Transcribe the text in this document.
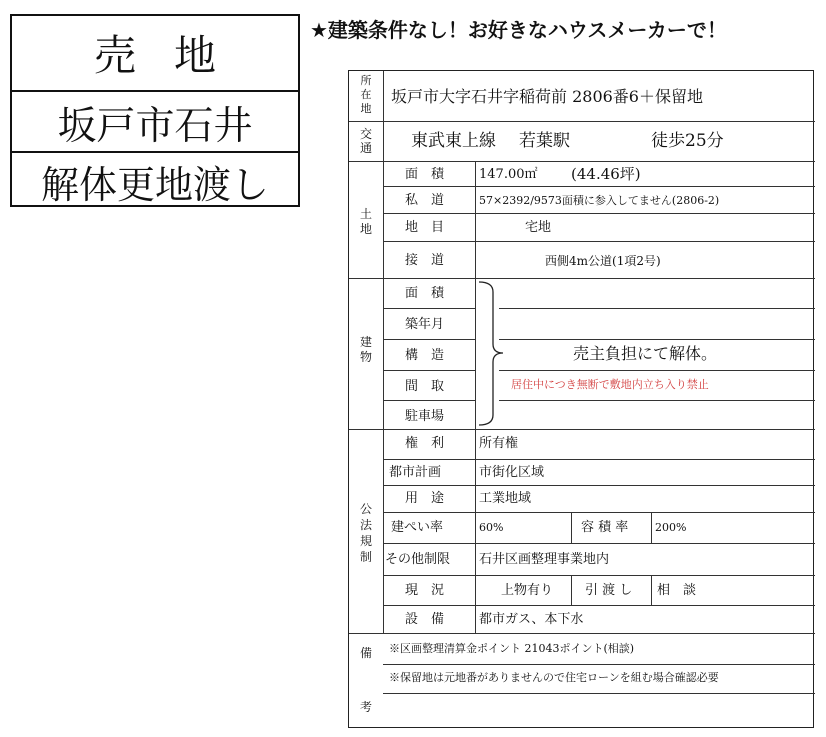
売地
坂戸市石井
解体更地渡し
★建築条件なし！お好きなハウスメーカーで！
所在地
坂戸市大字石井字稲荷前 2806番6＋保留地
交通 東武東上線 若葉駅	徒歩25分
土地
面　積	147.00㎡ (44.46坪)
私　道	57×2392/9573面積に参入してません(2806-2)
地　目	宅地
接　道	西側4m公道(1項2号)
建物
面　積
築年月
構　造
間　取
駐車場
売主負担にて解体。
居住中につき無断で敷地内立ち入り禁止
公法規制
権　利	所有権
都市計画	市街化区域
用　途	工業地域
建ぺい率	60%	容 積 率 200%
その他制限 石井区画整理事業地内
現　況	上物有り 引 渡 し 相　談
設　備	都市ガス、本下水
備
考
※区画整理清算金ポイント 21043ポイント(相談)
※保留地は元地番がありませんので住宅ローンを組む場合確認必要
